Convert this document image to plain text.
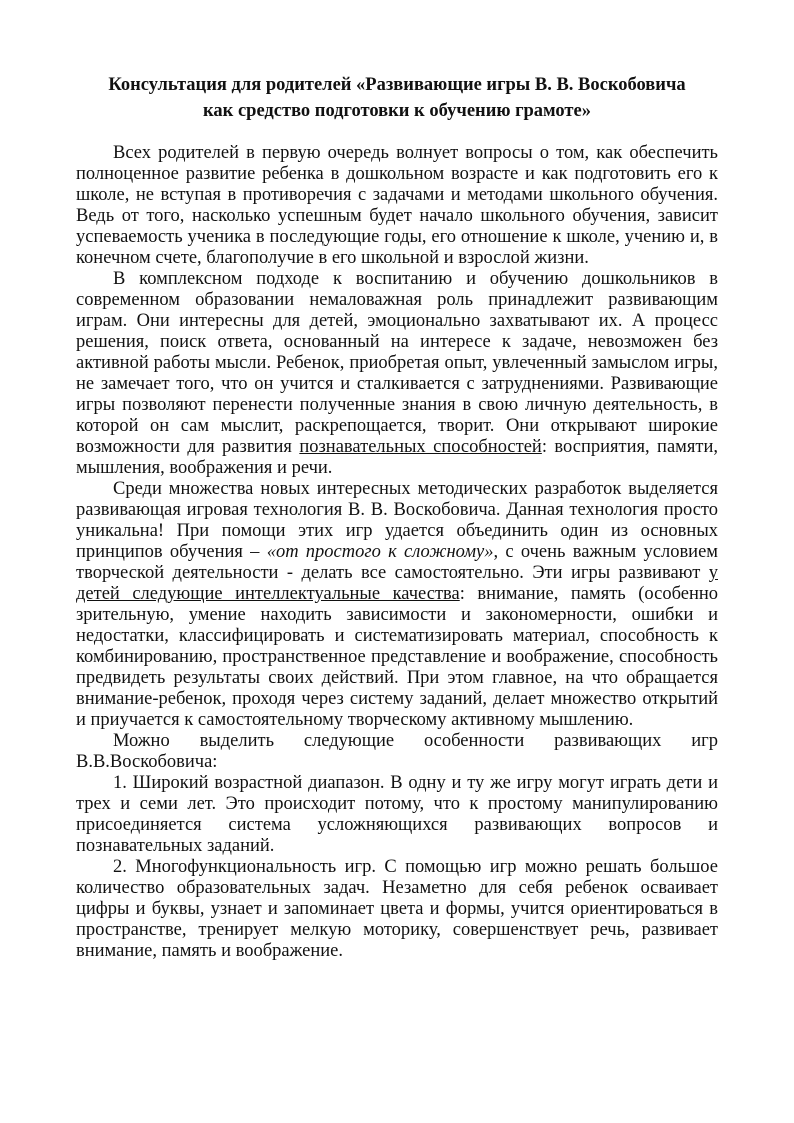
Консультация для родителей «Развивающие игры В. В. Воскобовича
как средство подготовки к обучению грамоте»

Всех родителей в первую очередь волнует вопросы о том, как обеспечить полноценное развитие ребенка в дошкольном возрасте и как подготовить его к школе, не вступая в противоречия с задачами и методами школьного обучения. Ведь от того, насколько успешным будет начало школьного обучения, зависит успеваемость ученика в последующие годы, его отношение к школе, учению и, в конечном счете, благополучие в его школьной и взрослой жизни.

В комплексном подходе к воспитанию и обучению дошкольников в современном образовании немаловажная роль принадлежит развивающим играм. Они интересны для детей, эмоционально захватывают их. А процесс решения, поиск ответа, основанный на интересе к задаче, невозможен без активной работы мысли. Ребенок, приобретая опыт, увлеченный замыслом игры, не замечает того, что он учится и сталкивается с затруднениями. Развивающие игры позволяют перенести полученные знания в свою личную деятельность, в которой он сам мыслит, раскрепощается, творит. Они открывают широкие возможности для развития познавательных способностей: восприятия, памяти, мышления, воображения и речи.

Среди множества новых интересных методических разработок выделяется развивающая игровая технология В. В. Воскобовича. Данная технология просто уникальна! При помощи этих игр удается объединить один из основных принципов обучения – «от простого к сложному», с очень важным условием творческой деятельности - делать все самостоятельно. Эти игры развивают у детей следующие интеллектуальные качества: внимание, память (особенно зрительную, умение находить зависимости и закономерности, ошибки и недостатки, классифицировать и систематизировать материал, способность к комбинированию, пространственное представление и воображение, способность предвидеть результаты своих действий. При этом главное, на что обращается внимание-ребенок, проходя через систему заданий, делает множество открытий и приучается к самостоятельному творческому активному мышлению.

Можно выделить следующие особенности развивающих игр В.В.Воскобовича:

1. Широкий возрастной диапазон. В одну и ту же игру могут играть дети и трех и семи лет. Это происходит потому, что к простому манипулированию присоединяется система усложняющихся развивающих вопросов и познавательных заданий.

2. Многофункциональность игр. С помощью игр можно решать большое количество образовательных задач. Незаметно для себя ребенок осваивает цифры и буквы, узнает и запоминает цвета и формы, учится ориентироваться в пространстве, тренирует мелкую моторику, совершенствует речь, развивает внимание, память и воображение.
